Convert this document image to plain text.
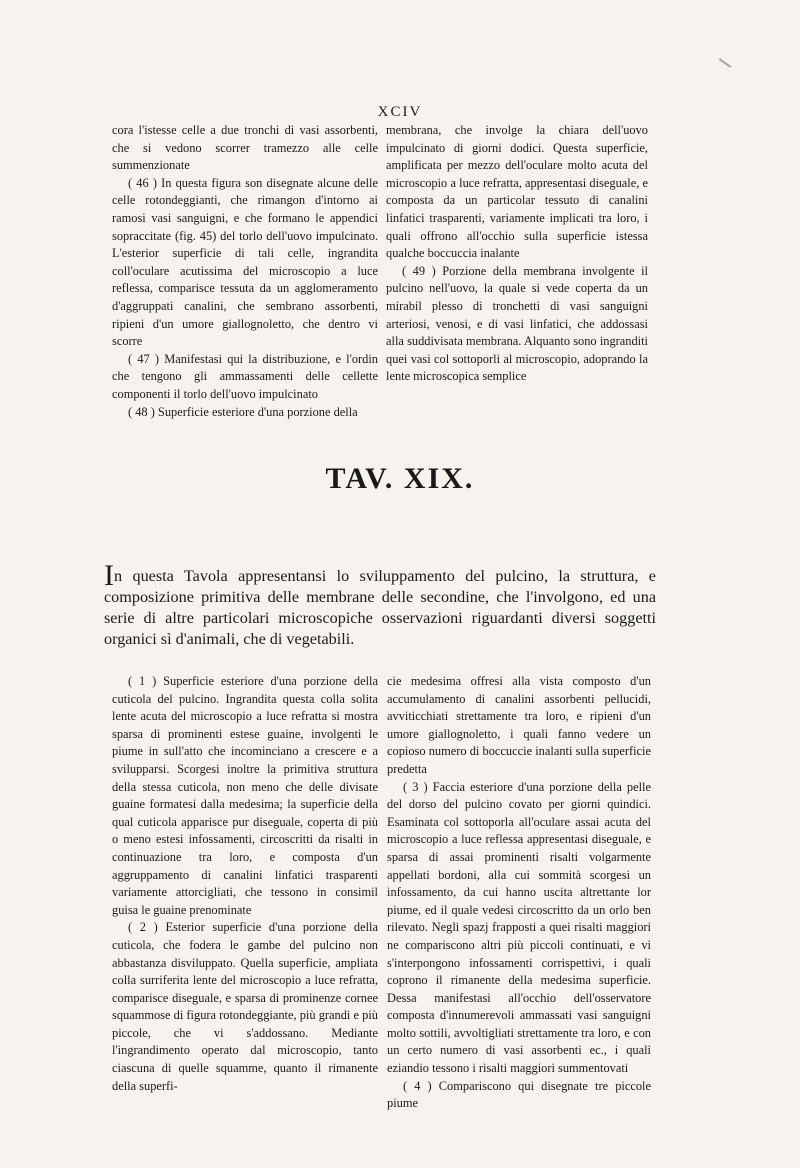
XCIV

cora l'istesse celle a due tronchi di vasi assorbenti, che si vedono scorrer tramezzo alle celle summenzionate

( 46 ) In questa figura son disegnate alcune delle celle rotondeggianti, che rimangon d'intorno ai ramosi vasi sanguigni, e che formano le appendici sopraccitate (fig. 45) del torlo dell'uovo impulcinato. L'esterior superficie di tali celle, ingrandita coll'oculare acutissima del microscopio a luce reflessa, comparisce tessuta da un agglomeramento d'aggruppati canalini, che sembrano assorbenti, ripieni d'un umore giallognoletto, che dentro vi scorre

( 47 ) Manifestasi qui la distribuzione, e l'ordin che tengono gli ammassamenti delle cellette componenti il torlo dell'uovo impulcinato

( 48 ) Superficie esteriore d'una porzione della

membrana, che involge la chiara dell'uovo impulcinato di giorni dodici. Questa superficie, amplificata per mezzo dell'oculare molto acuta del microscopio a luce refratta, appresentasi diseguale, e composta da un particolar tessuto di canalini linfatici trasparenti, variamente implicati tra loro, i quali offrono all'occhio sulla superficie istessa qualche boccuccia inalante

( 49 ) Porzione della membrana involgente il pulcino nell'uovo, la quale si vede coperta da un mirabil plesso di tronchetti di vasi sanguigni arteriosi, venosi, e di vasi linfatici, che addossasi alla suddivisata membrana. Alquanto sono ingranditi quei vasi col sottoporli al microscopio, adoprando la lente microscopica semplice

TAV. XIX.
In questa Tavola appresentansi lo sviluppamento del pulcino, la struttura, e composizione primitiva delle membrane delle secondine, che l'involgono, ed una serie di altre particolari microscopiche osservazioni riguardanti diversi soggetti organici sì d'animali, che di vegetabili.

( 1 ) Superficie esteriore d'una porzione della cuticola del pulcino. Ingrandita questa colla solita lente acuta del microscopio a luce refratta si mostra sparsa di prominenti estese guaine, involgenti le piume in sull'atto che incominciano a crescere e a svilupparsi. Scorgesi inoltre la primitiva struttura della stessa cuticola, non meno che delle divisate guaine formatesi dalla medesima; la superficie della qual cuticola apparisce pur diseguale, coperta di più o meno estesi infossamenti, circoscritti da risalti in continuazione tra loro, e composta d'un aggruppamento di canalini linfatici trasparenti variamente attorcigliati, che tessono in consimil guisa le guaine prenominate

( 2 ) Esterior superficie d'una porzione della cuticola, che fodera le gambe del pulcino non abbastanza disviluppato. Quella superficie, ampliata colla surriferita lente del microscopio a luce refratta, comparisce diseguale, e sparsa di prominenze cornee squammose di figura rotondeggiante, più grandi e più piccole, che vi s'addossano. Mediante l'ingrandimento operato dal microscopio, tanto ciascuna di quelle squamme, quanto il rimanente della superfi-

cie medesima offresi alla vista composto d'un accumulamento di canalini assorbenti pellucidi, avviticchiati strettamente tra loro, e ripieni d'un umore giallognoletto, i quali fanno vedere un copioso numero di boccuccie inalanti sulla superficie predetta

( 3 ) Faccia esteriore d'una porzione della pelle del dorso del pulcino covato per giorni quindici. Esaminata col sottoporla all'oculare assai acuta del microscopio a luce reflessa appresentasi diseguale, e sparsa di assai prominenti risalti volgarmente appellati bordoni, alla cui sommità scorgesi un infossamento, da cui hanno uscita altrettante lor piume, ed il quale vedesi circoscritto da un orlo ben rilevato. Negli spazj frapposti a quei risalti maggiori ne compariscono altri più piccoli continuati, e vi s'interpongono infossamenti corrispettivi, i quali coprono il rimanente della medesima superficie. Dessa manifestasi all'occhio dell'osservatore composta d'innumerevoli ammassati vasi sanguigni molto sottili, avvoltigliati strettamente tra loro, e con un certo numero di vasi assorbenti ec., i quali eziandio tessono i risalti maggiori summentovati

( 4 ) Compariscono qui disegnate tre piccole piume
